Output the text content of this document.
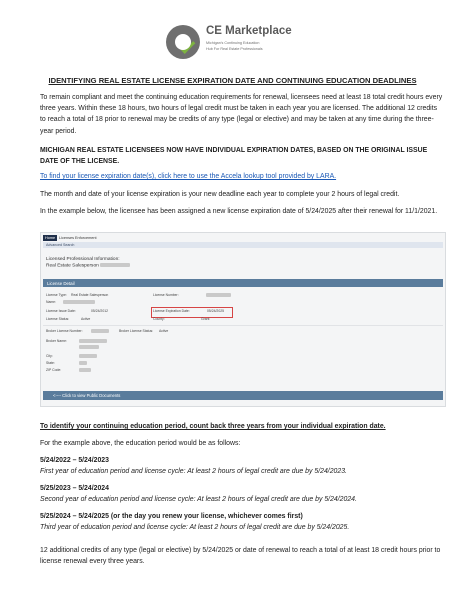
CE Marketplace
Michigan's Continuing Education
Hub For Real Estate Professionals
IDENTIFYING REAL ESTATE LICENSE EXPIRATION DATE AND CONTINUING EDUCATION DEADLINES
To remain compliant and meet the continuing education requirements for renewal, licensees need at least 18 total credit hours every three years. Within these 18 hours, two hours of legal credit must be taken in each year you are licensed. The additional 12 credits to reach a total of 18 prior to renewal may be credits of any type (legal or elective) and may be taken at any time during the three-year period.
MICHIGAN REAL ESTATE LICENSEES NOW HAVE INDIVIDUAL EXPIRATION DATES, BASED ON THE ORIGINAL ISSUE DATE OF THE LICENSE.
To find your license expiration date(s), click here to use the Accela lookup tool provided by LARA.
The month and date of your license expiration is your new deadline each year to complete your 2 hours of legal credit.
In the example below, the licensee has been assigned a new license expiration date of 5/24/2025 after their renewal for 11/1/2021.
Home	Licenses Enforcement
Advanced Search
Licensed Professional Information:
Real Estate Salesperson
License Detail
License Type: Real Estate Salesperson	License Number:
Name:
License Issue Date:	05/24/2012	License Expiration Date:	05/24/2025
License Status:	Active	County:	Grant
Broker License Number:	Broker License Status: Active
Broker Name:
City:
State:
ZIP Code:
<---- Click to view Public Documents
To identify your continuing education period, count back three years from your individual expiration date.
For the example above, the education period would be as follows:
5/24/2022 – 5/24/2023
First year of education period and license cycle: At least 2 hours of legal credit are due by 5/24/2023.
5/25/2023 – 5/24/2024
Second year of education period and license cycle: At least 2 hours of legal credit are due by 5/24/2024.
5/25/2024 – 5/24/2025 (or the day you renew your license, whichever comes first)
Third year of education period and license cycle: At least 2 hours of legal credit are due by 5/24/2025.
12 additional credits of any type (legal or elective) by 5/24/2025 or date of renewal to reach a total of at least 18 credit hours prior to license renewal every three years.
